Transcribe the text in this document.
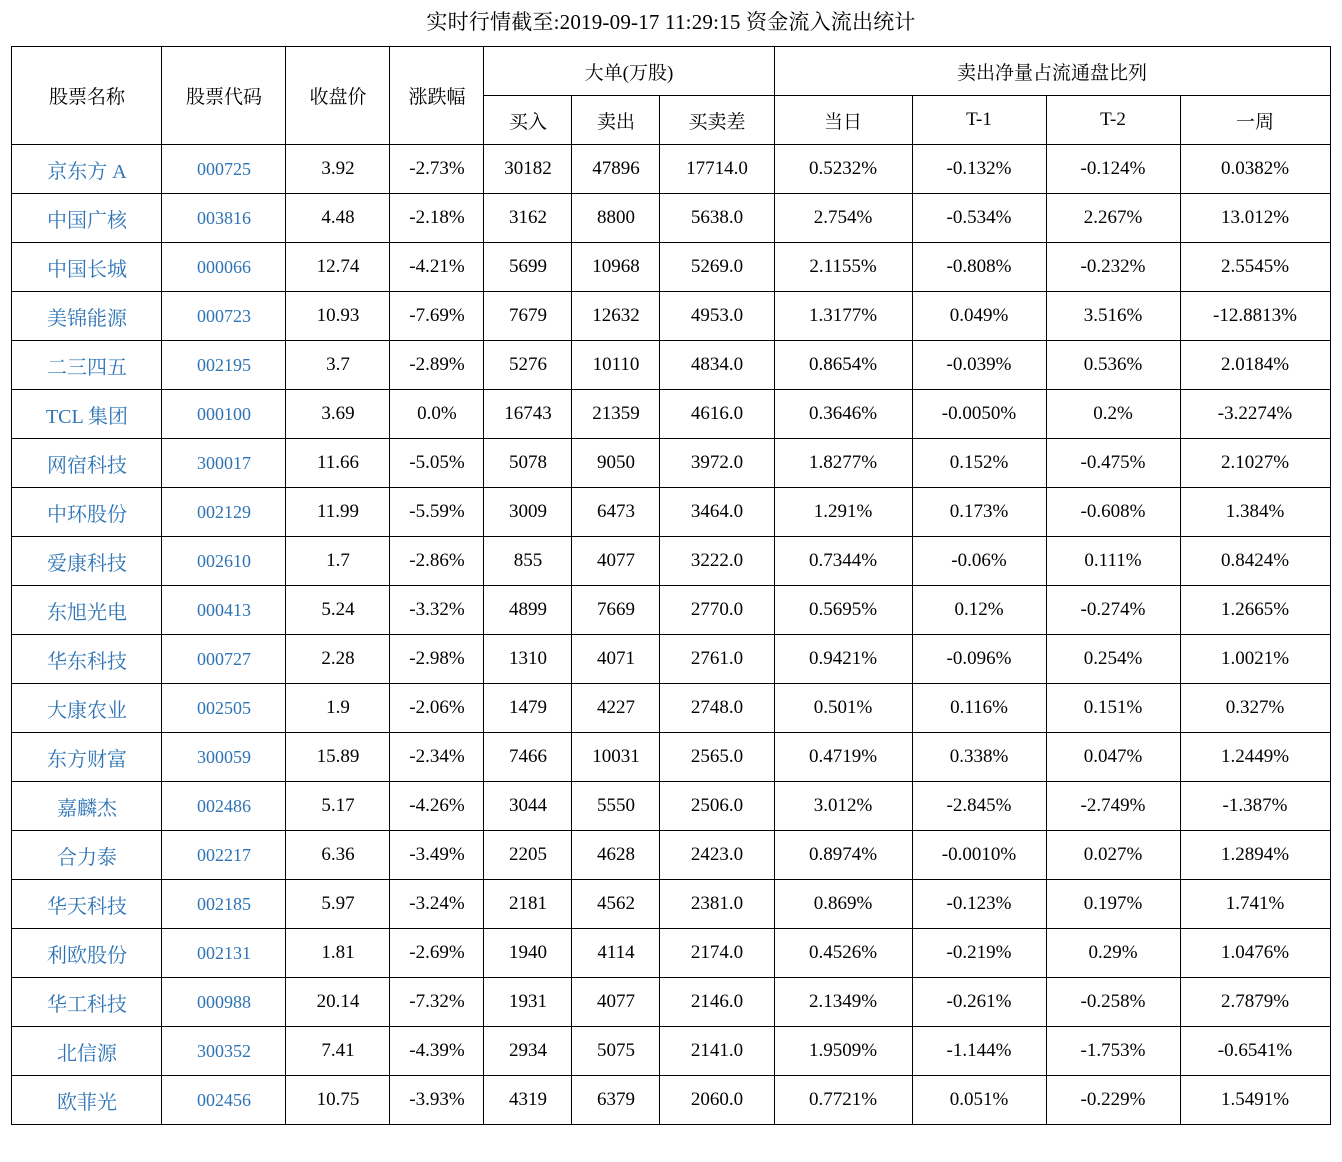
实时行情截至:2019-09-17 11:29:15 资金流入流出统计
股票名称	股票代码	收盘价	涨跌幅	大单(万股)			卖出净量占流通盘比列			
				买入	卖出	买卖差	当日	T-1	T-2	一周
京东方 A	000725	3.92	-2.73%	30182	47896	17714.0	0.5232%	-0.132%	-0.124%	0.0382%
中国广核	003816	4.48	-2.18%	3162	8800	5638.0	2.754%	-0.534%	2.267%	13.012%
中国长城	000066	12.74	-4.21%	5699	10968	5269.0	2.1155%	-0.808%	-0.232%	2.5545%
美锦能源	000723	10.93	-7.69%	7679	12632	4953.0	1.3177%	0.049%	3.516%	-12.8813%
二三四五	002195	3.7	-2.89%	5276	10110	4834.0	0.8654%	-0.039%	0.536%	2.0184%
TCL 集团	000100	3.69	0.0%	16743	21359	4616.0	0.3646%	-0.0050%	0.2%	-3.2274%
网宿科技	300017	11.66	-5.05%	5078	9050	3972.0	1.8277%	0.152%	-0.475%	2.1027%
中环股份	002129	11.99	-5.59%	3009	6473	3464.0	1.291%	0.173%	-0.608%	1.384%
爱康科技	002610	1.7	-2.86%	855	4077	3222.0	0.7344%	-0.06%	0.111%	0.8424%
东旭光电	000413	5.24	-3.32%	4899	7669	2770.0	0.5695%	0.12%	-0.274%	1.2665%
华东科技	000727	2.28	-2.98%	1310	4071	2761.0	0.9421%	-0.096%	0.254%	1.0021%
大康农业	002505	1.9	-2.06%	1479	4227	2748.0	0.501%	0.116%	0.151%	0.327%
东方财富	300059	15.89	-2.34%	7466	10031	2565.0	0.4719%	0.338%	0.047%	1.2449%
嘉麟杰	002486	5.17	-4.26%	3044	5550	2506.0	3.012%	-2.845%	-2.749%	-1.387%
合力泰	002217	6.36	-3.49%	2205	4628	2423.0	0.8974%	-0.0010%	0.027%	1.2894%
华天科技	002185	5.97	-3.24%	2181	4562	2381.0	0.869%	-0.123%	0.197%	1.741%
利欧股份	002131	1.81	-2.69%	1940	4114	2174.0	0.4526%	-0.219%	0.29%	1.0476%
华工科技	000988	20.14	-7.32%	1931	4077	2146.0	2.1349%	-0.261%	-0.258%	2.7879%
北信源	300352	7.41	-4.39%	2934	5075	2141.0	1.9509%	-1.144%	-1.753%	-0.6541%
欧菲光	002456	10.75	-3.93%	4319	6379	2060.0	0.7721%	0.051%	-0.229%	1.5491%
